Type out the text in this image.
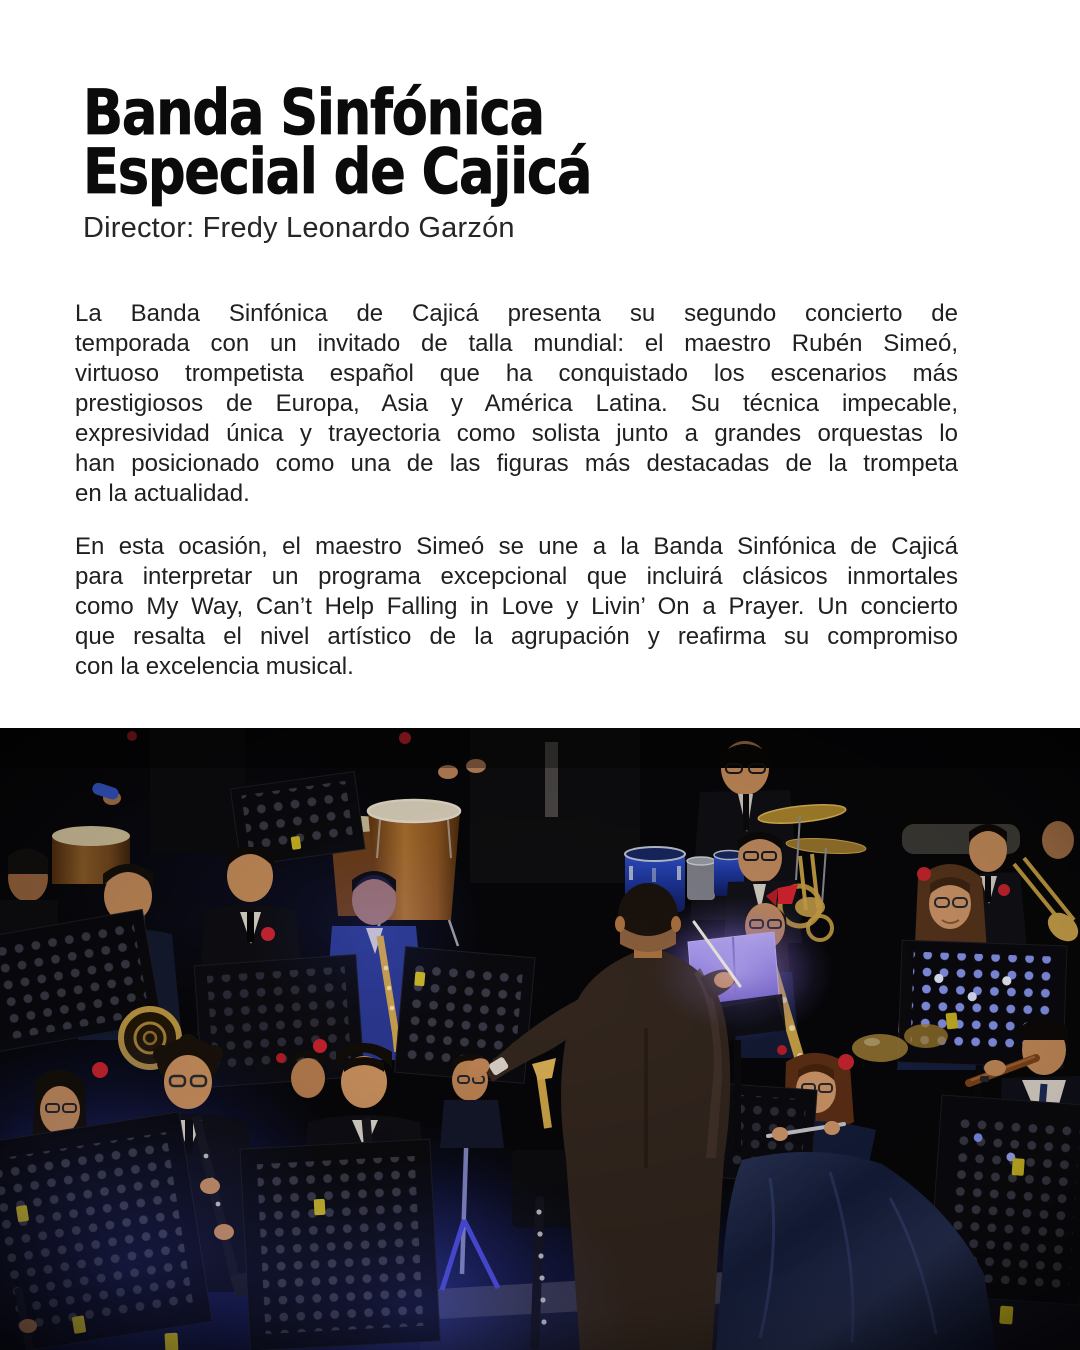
Banda Sinfónica
Especial de Cajicá

Director: Fredy Leonardo Garzón

La Banda Sinfónica de Cajicá presenta su segundo concierto de
temporada con un invitado de talla mundial: el maestro Rubén Simeó,
virtuoso trompetista español que ha conquistado los escenarios más
prestigiosos de Europa, Asia y América Latina. Su técnica impecable,
expresividad única y trayectoria como solista junto a grandes orquestas lo
han posicionado como una de las figuras más destacadas de la trompeta
en la actualidad.
En esta ocasión, el maestro Simeó se une a la Banda Sinfónica de Cajicá
para interpretar un programa excepcional que incluirá clásicos inmortales
como My Way, Can’t Help Falling in Love y Livin’ On a Prayer. Un concierto
que resalta el nivel artístico de la agrupación y reafirma su compromiso
con la excelencia musical.
